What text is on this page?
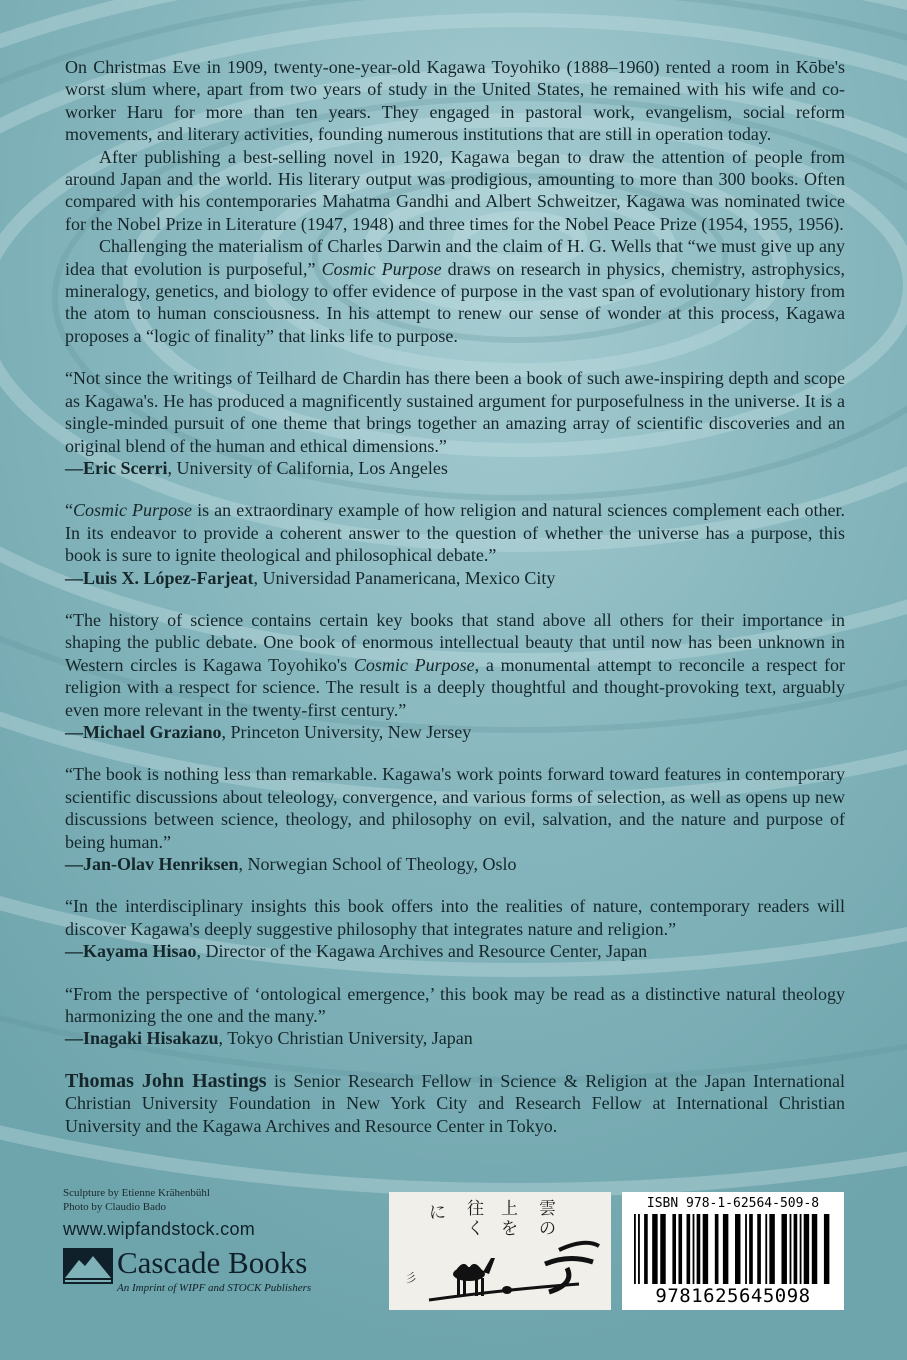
On Christmas Eve in 1909, twenty-one-year-old Kagawa Toyohiko (1888–1960) rented a room in Kōbe's worst slum where, apart from two years of study in the United States, he remained with his wife and co-worker Haru for more than ten years. They engaged in pastoral work, evangelism, social reform movements, and literary activities, founding numerous institutions that are still in operation today.

After publishing a best-selling novel in 1920, Kagawa began to draw the attention of people from around Japan and the world. His literary output was prodigious, amounting to more than 300 books. Often compared with his contemporaries Mahatma Gandhi and Albert Schweitzer, Kagawa was nominated twice for the Nobel Prize in Literature (1947, 1948) and three times for the Nobel Peace Prize (1954, 1955, 1956).

Challenging the materialism of Charles Darwin and the claim of H. G. Wells that “we must give up any idea that evolution is purposeful,” Cosmic Purpose draws on research in physics, chemistry, astrophysics, mineralogy, genetics, and biology to offer evidence of purpose in the vast span of evolutionary history from the atom to human consciousness. In his attempt to renew our sense of wonder at this process, Kagawa proposes a “logic of finality” that links life to purpose.

“Not since the writings of Teilhard de Chardin has there been a book of such awe-inspiring depth and scope as Kagawa's. He has produced a magnificently sustained argument for purposefulness in the universe. It is a single-minded pursuit of one theme that brings together an amazing array of scientific discoveries and an original blend of the human and ethical dimensions.”

—Eric Scerri, University of California, Los Angeles

“Cosmic Purpose is an extraordinary example of how religion and natural sciences complement each other. In its endeavor to provide a coherent answer to the question of whether the universe has a purpose, this book is sure to ignite theological and philosophical debate.”

—Luis X. López-Farjeat, Universidad Panamericana, Mexico City

“The history of science contains certain key books that stand above all others for their importance in shaping the public debate. One book of enormous intellectual beauty that until now has been unknown in Western circles is Kagawa Toyohiko's Cosmic Purpose, a monumental attempt to reconcile a respect for religion with a respect for science. The result is a deeply thoughtful and thought-provoking text, arguably even more relevant in the twenty-first century.”

—Michael Graziano, Princeton University, New Jersey

“The book is nothing less than remarkable. Kagawa's work points forward toward features in contemporary scientific discussions about teleology, convergence, and various forms of selection, as well as opens up new discussions between science, theology, and philosophy on evil, salvation, and the nature and purpose of being human.”

—Jan-Olav Henriksen, Norwegian School of Theology, Oslo

“In the interdisciplinary insights this book offers into the realities of nature, contemporary readers will discover Kagawa's deeply suggestive philosophy that integrates nature and religion.”

—Kayama Hisao, Director of the Kagawa Archives and Resource Center, Japan

“From the perspective of ‘ontological emergence,’ this book may be read as a distinctive natural theology harmonizing the one and the many.”

—Inagaki Hisakazu, Tokyo Christian University, Japan

Thomas John Hastings is Senior Research Fellow in Science & Religion at the Japan International Christian University Foundation in New York City and Research Fellow at International Christian University and the Kagawa Archives and Resource Center in Tokyo.

Sculpture by Etienne Krähenbühl
Photo by Claudio Bado
www.wipfandstock.com
Cascade Books
An Imprint of WIPF and STOCK Publishers
に 往
く
上
を
雲
の
彡
ISBN 978-1-62564-509-8
9781625645098
